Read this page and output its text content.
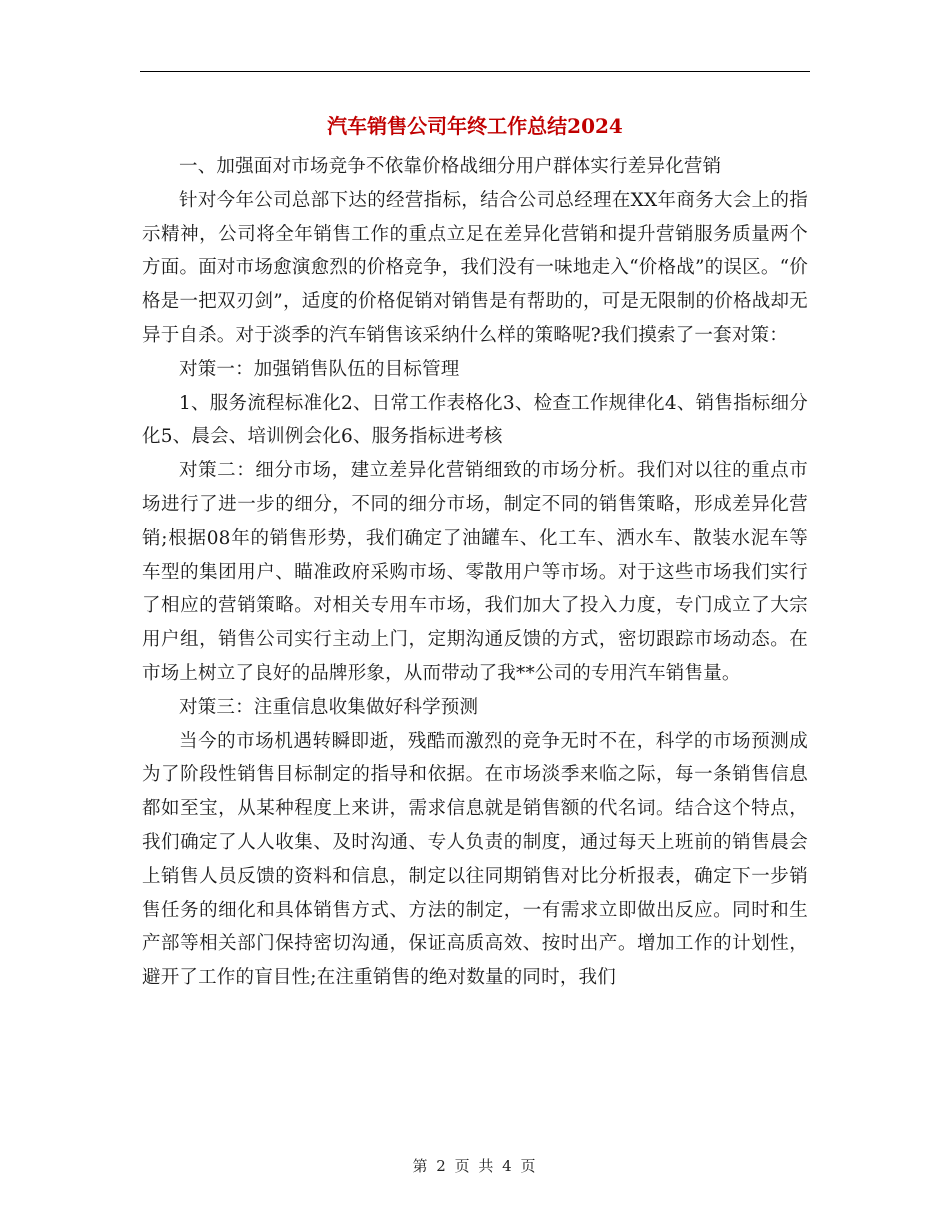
汽车销售公司年终工作总结2024

一、加强面对市场竞争不依靠价格战细分用户群体实行差异化营销

针对今年公司总部下达的经营指标，结合公司总经理在XX年商务大会上的指示精神，公司将全年销售工作的重点立足在差异化营销和提升营销服务质量两个方面。面对市场愈演愈烈的价格竞争，我们没有一味地走入“价格战”的误区。“价格是一把双刃剑”，适度的价格促销对销售是有帮助的，可是无限制的价格战却无异于自杀。对于淡季的汽车销售该采纳什么样的策略呢?我们摸索了一套对策：

对策一：加强销售队伍的目标管理

1、服务流程标准化2、日常工作表格化3、检查工作规律化4、销售指标细分化5、晨会、培训例会化6、服务指标进考核

对策二：细分市场，建立差异化营销细致的市场分析。我们对以往的重点市场进行了进一步的细分，不同的细分市场，制定不同的销售策略，形成差异化营销;根据08年的销售形势，我们确定了油罐车、化工车、洒水车、散装水泥车等车型的集团用户、瞄准政府采购市场、零散用户等市场。对于这些市场我们实行了相应的营销策略。对相关专用车市场，我们加大了投入力度，专门成立了大宗用户组，销售公司实行主动上门，定期沟通反馈的方式，密切跟踪市场动态。在市场上树立了良好的品牌形象，从而带动了我**公司的专用汽车销售量。

对策三：注重信息收集做好科学预测

当今的市场机遇转瞬即逝，残酷而激烈的竞争无时不在，科学的市场预测成为了阶段性销售目标制定的指导和依据。在市场淡季来临之际，每一条销售信息都如至宝，从某种程度上来讲，需求信息就是销售额的代名词。结合这个特点，我们确定了人人收集、及时沟通、专人负责的制度，通过每天上班前的销售晨会上销售人员反馈的资料和信息，制定以往同期销售对比分析报表，确定下一步销售任务的细化和具体销售方式、方法的制定，一有需求立即做出反应。同时和生产部等相关部门保持密切沟通，保证高质高效、按时出产。增加工作的计划性，避开了工作的盲目性;在注重销售的绝对数量的同时，我们

第 2 页 共 4 页
